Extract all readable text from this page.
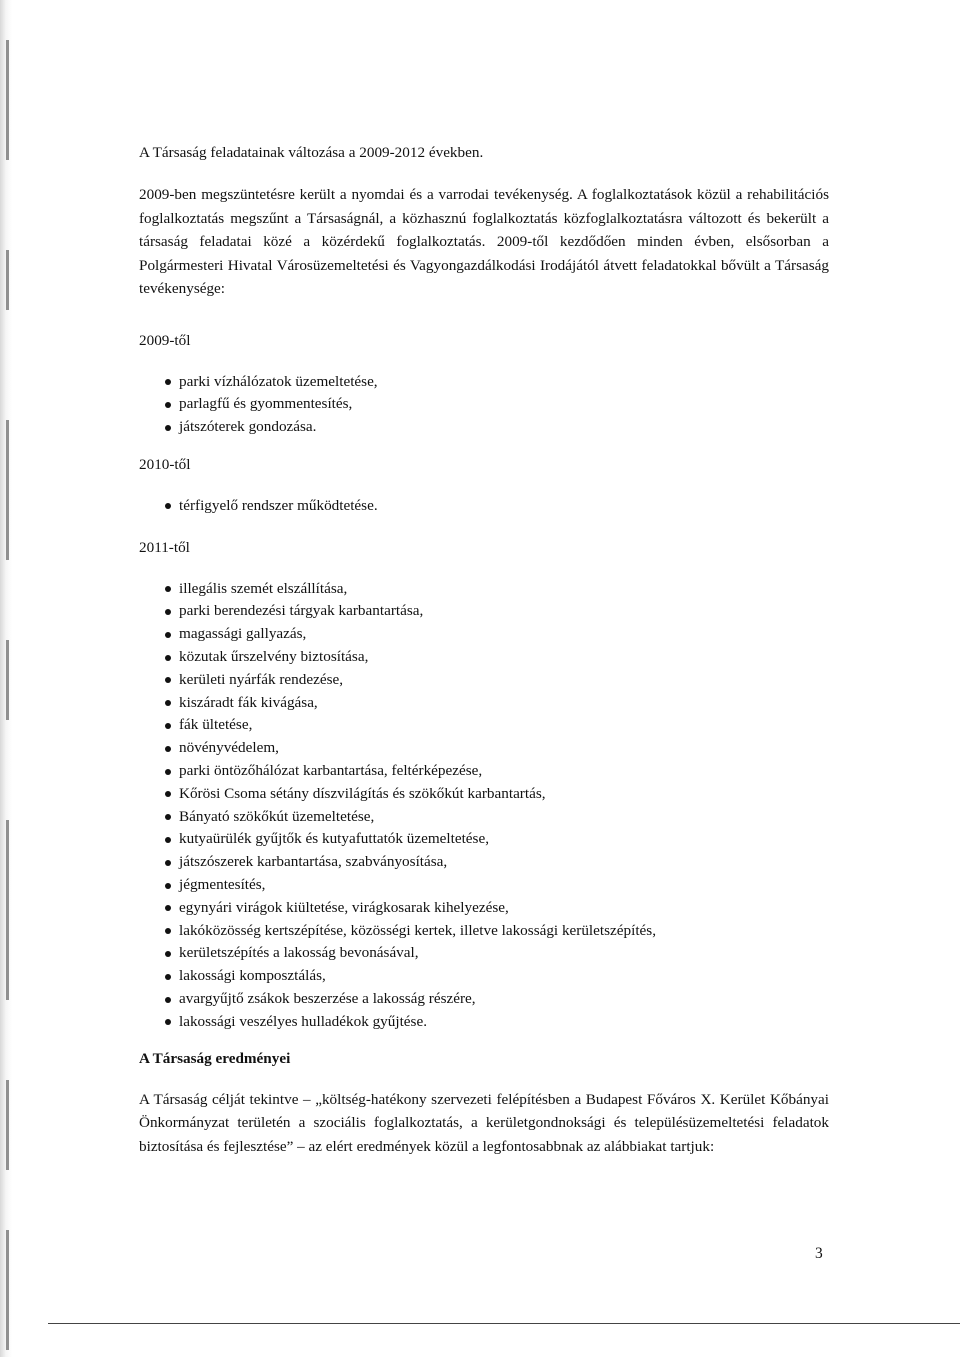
A Társaság feladatainak változása a 2009-2012 években.

2009-ben megszüntetésre került a nyomdai és a varrodai tevékenység. A foglalkoztatások közül a rehabilitációs foglalkoztatás megszűnt a Társaságnál, a közhasznú foglalkoztatás közfoglalkoztatásra változott és bekerült a társaság feladatai közé a közérdekű foglalkoztatás. 2009-től kezdődően minden évben, elsősorban a Polgármesteri Hivatal Városüzemeltetési és Vagyongazdálkodási Irodájától átvett feladatokkal bővült a Társaság tevékenysége:

2009-től

parki vízhálózatok üzemeltetése,
parlagfű és gyommentesítés,
játszóterek gondozása.

2010-től

térfigyelő rendszer működtetése.

2011-től

illegális szemét elszállítása,
parki berendezési tárgyak karbantartása,
magassági gallyazás,
közutak űrszelvény biztosítása,
kerületi nyárfák rendezése,
kiszáradt fák kivágása,
fák ültetése,
növényvédelem,
parki öntözőhálózat karbantartása, feltérképezése,
Kőrösi Csoma sétány díszvilágítás és szökőkút karbantartás,
Bányató szökőkút üzemeltetése,
kutyaürülék gyűjtők és kutyafuttatók üzemeltetése,
játszószerek karbantartása, szabványosítása,
jégmentesítés,
egynyári virágok kiültetése, virágkosarak kihelyezése,
lakóközösség kertszépítése, közösségi kertek, illetve lakossági kerületszépítés,
kerületszépítés a lakosság bevonásával,
lakossági komposztálás,
avargyűjtő zsákok beszerzése a lakosság részére,
lakossági veszélyes hulladékok gyűjtése.

A Társaság eredményei

A Társaság célját tekintve – „költség-hatékony szervezeti felépítésben a Budapest Főváros X. Kerület Kőbányai Önkormányzat területén a szociális foglalkoztatás, a kerületgondnoksági és településüzemeltetési feladatok biztosítása és fejlesztése” – az elért eredmények közül a legfontosabbnak az alábbiakat tartjuk:

3
